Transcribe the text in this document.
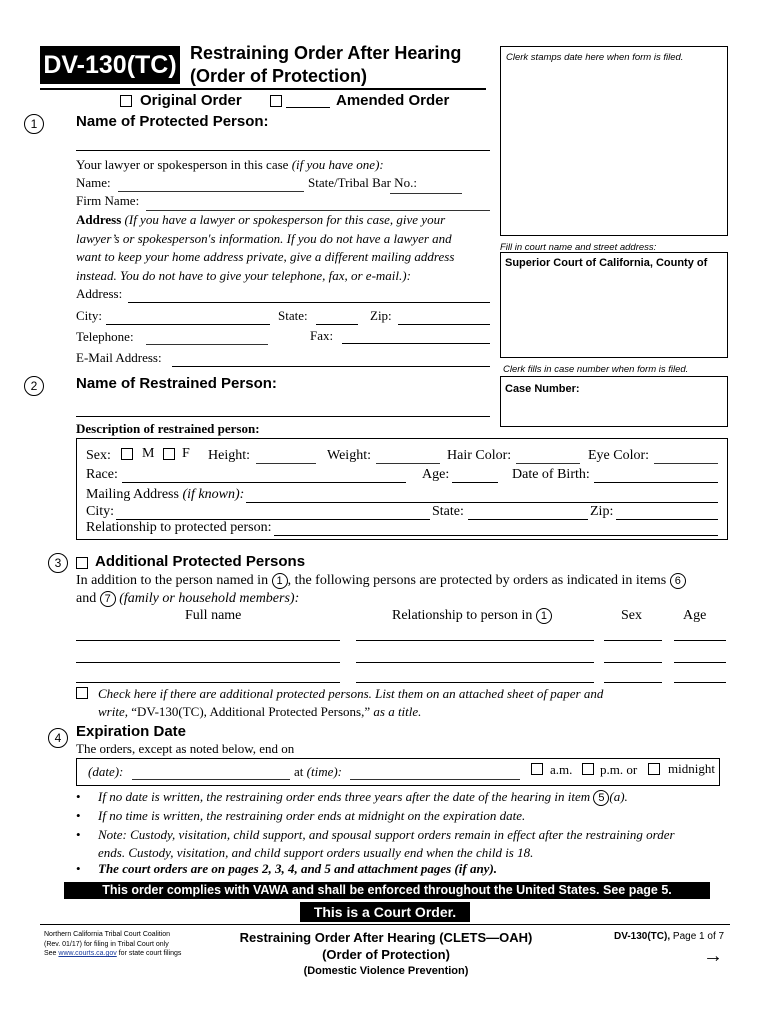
DV-130(TC) Restraining Order After Hearing
(Order of Protection)
Original Order	Amended Order
Clerk stamps date here when form is filed.
Fill in court name and street address:
Superior Court of California, County of
Clerk fills in case number when form is filed.
Case Number:
1	Name of Protected Person:
Your lawyer or spokesperson in this case (if you have one):
Name:	State/Tribal Bar No.:
Firm Name:
Address (If you have a lawyer or spokesperson for this case, give your
lawyer’s or spokesperson's information. If you do not have a lawyer and
want to keep your home address private, give a different mailing address
instead. You do not have to give your telephone, fax, or e-mail.):
Address:
City:	State:	Zip:
Telephone:	Fax:
E-Mail Address:
2	Name of Restrained Person:
Description of restrained person:
Sex: M F Height:	Weight:	Hair Color:	Eye Color:
Race:	Age:	Date of Birth:
Mailing Address (if known):
City:	State:	Zip:
Relationship to protected person:
3	Additional Protected Persons
In addition to the person named in 1 , the following persons are protected by orders as indicated in items 6
and 7 (family or household members):
Full name	Relationship to person in 1	Sex	Age
Check here if there are additional protected persons. List them on an attached sheet of paper and
write, “DV-130(TC), Additional Protected Persons,” as a title.
4 Expiration Date
The orders, except as noted below, end on
(date):	at (time):	a.m. p.m. or midnight
• If no date is written, the restraining order ends three years after the date of the hearing in item 5 (a).
• If no time is written, the restraining order ends at midnight on the expiration date.
• Note: Custody, visitation, child support, and spousal support orders remain in effect after the restraining order
ends. Custody, visitation, and child support orders usually end when the child is 18.
• The court orders are on pages 2, 3, 4, and 5 and attachment pages (if any).
This order complies with VAWA and shall be enforced throughout the United States. See page 5.
This is a Court Order.
Northern California Tribal Court Coalition
(Rev. 01/17) for filing in Tribal Court only
See www.courts.ca.gov for state court filings
Restraining Order After Hearing (CLETS—OAH)
(Order of Protection)
(Domestic Violence Prevention)
DV-130(TC), Page 1 of 7
→
